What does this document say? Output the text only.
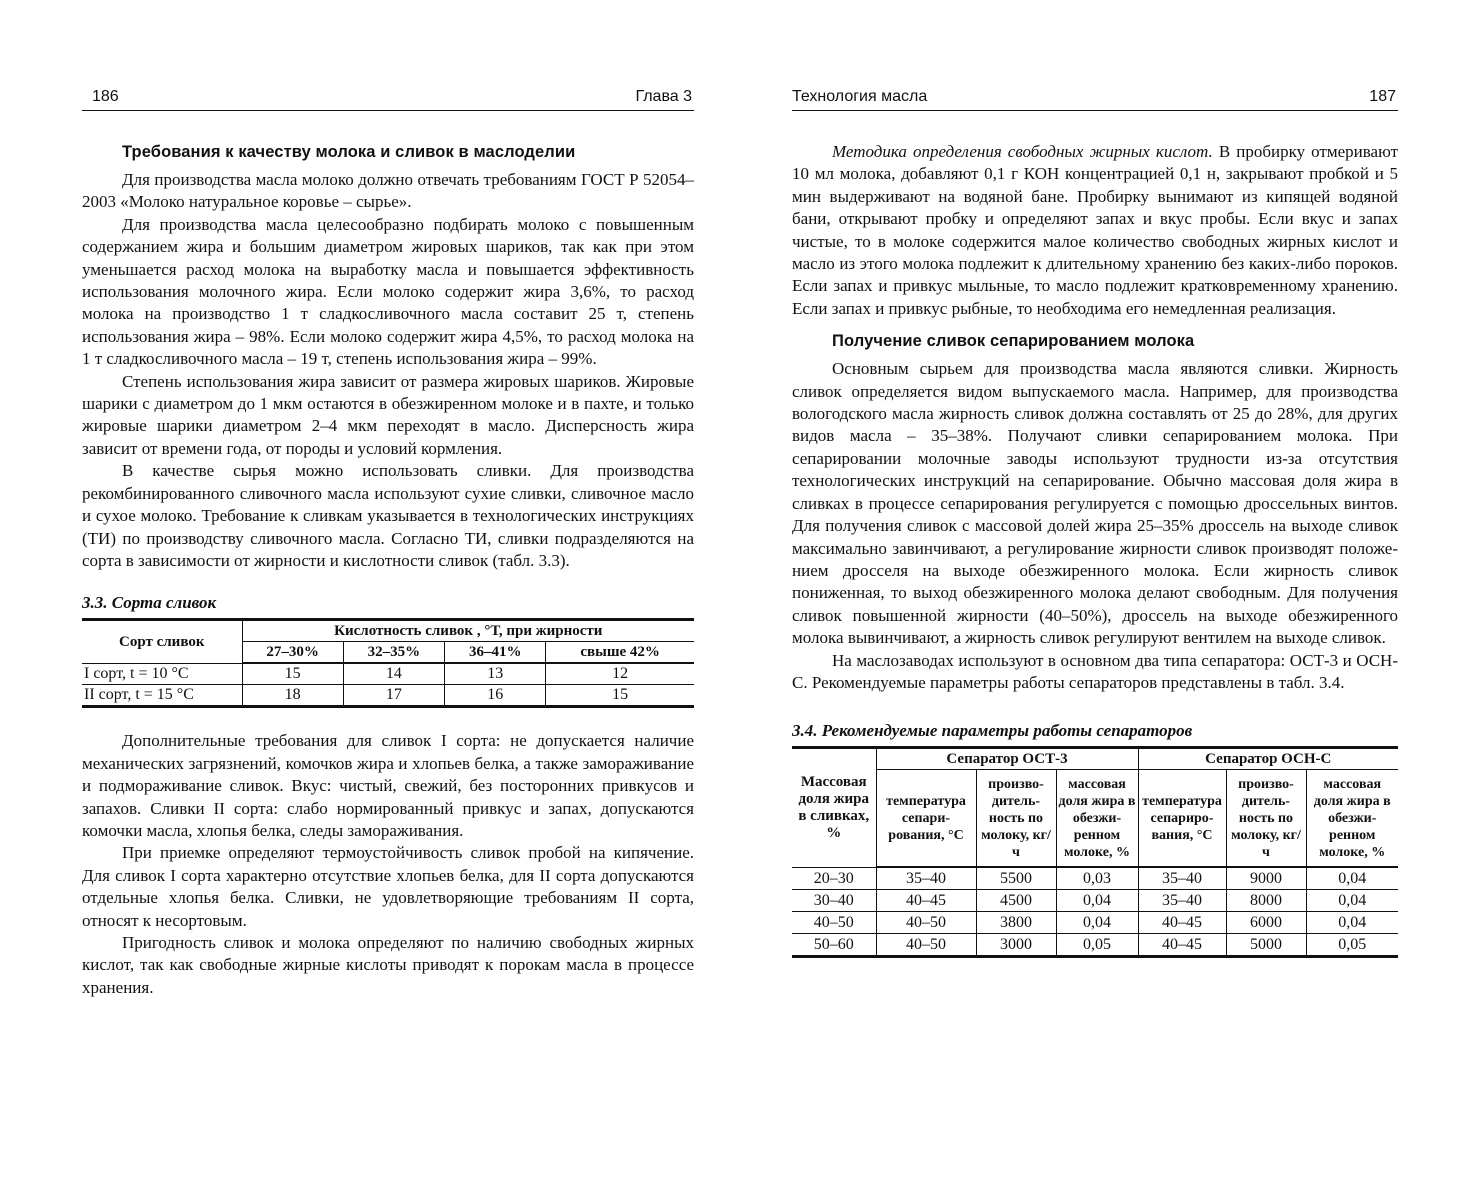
186	Глава 3
Требования к качеству молока и сливок в маслоделии

Для производства масла молоко должно отвечать требованиям ГОСТ Р 52054–2003 «Молоко натуральное коровье – сырье».

Для производства масла целесообразно подбирать молоко с повышенным содержанием жира и большим диаметром жировых шариков, так как при этом уменьшается расход молока на выработку масла и повышается эффективность использования молочного жира. Если молоко содержит жира 3,6%, то расход молока на производство 1 т сладкосливочного масла составит 25 т, степень использования жира – 98%. Если молоко содержит жира 4,5%, то расход молока на 1 т сладкосливочного масла – 19 т, степень использования жира – 99%.

Степень использования жира зависит от размера жировых шариков. Жировые шарики с диаметром до 1 мкм остаются в обезжиренном молоке и в пахте, и только жировые шарики диаметром 2–4 мкм переходят в масло. Дисперсность жира зависит от времени года, от породы и условий кормления.

В качестве сырья можно использовать сливки. Для производства рекомбинированного сливочного масла используют сухие сливки, сливочное масло и сухое молоко. Требование к сливкам указывается в технологических инструкциях (ТИ) по производству сливочного масла. Согласно ТИ, сливки подразделяются на сорта в зависимости от жирности и кислотности сливок (табл. 3.3).

3.3. Сорта сливок
Сорт сливок	Кислотность сливок , °Т, при жирности			
	27–30%	32–35%	36–41%	свыше 42%
I сорт, t = 10 °C	15	14	13	12
II сорт, t = 15 °C	18	17	16	15

Дополнительные требования для сливок I сорта: не допускается наличие механических загрязнений, комочков жира и хлопьев белка, а также замораживание и подмораживание сливок. Вкус: чистый, свежий, без посторонних привкусов и запахов. Сливки II сорта: слабо нормированный привкус и запах, допускаются комочки масла, хлопья белка, следы замораживания.

При приемке определяют термоустойчивость сливок пробой на кипячение. Для сливок I сорта характерно отсутствие хлопьев белка, для II сорта допускаются отдельные хлопья белка. Сливки, не удовлетворяющие требованиям II сорта, относят к несортовым.

Пригодность сливок и молока определяют по наличию свободных жирных кислот, так как свободные жирные кислоты приводят к порокам масла в процессе хранения.

Технология масла	187

Методика определения свободных жирных кислот. В пробирку отмеривают 10 мл молока, добавляют 0,1 г КОН концентрацией 0,1 н, закрывают пробкой и 5 мин выдерживают на водяной бане. Пробирку вынимают из кипящей водяной бани, открывают пробку и определяют запах и вкус пробы. Если вкус и запах чистые, то в молоке содержится малое количество свободных жирных кислот и масло из этого молока подлежит к длительному хранению без каких-либо пороков. Если запах и привкус мыльные, то масло подлежит кратковременному хранению. Если запах и привкус рыбные, то необходима его немедленная реализация.

Получение сливок сепарированием молока

Основным сырьем для производства масла являются сливки. Жирность сливок определяется видом выпускаемого масла. Например, для производства вологодского масла жирность сливок должна составлять от 25 до 28%, для других видов масла – 35–38%. Получают сливки сепарированием молока. При сепарировании молочные заводы используют трудности из-за отсутствия технологических инструкций на сепарирование. Обычно массовая доля жира в сливках в процессе сепарирования регулируется с помощью дроссельных винтов. Для получения сливок с массовой долей жира 25–35% дроссель на выходе сливок максимально завинчивают, а регулирование жирности сливок производят положением дросселя на выходе обезжиренного молока. Если жирность сливок пониженная, то выход обезжиренного молока делают свободным. Для получения сливок повышенной жирности (40–50%), дроссель на выходе обезжиренного молока вывинчивают, а жирность сливок регулируют вентилем на выходе сливок.

На маслозаводах используют в основном два типа сепаратора: ОСТ-3 и ОСН-С. Рекомендуемые параметры работы сепараторов представлены в табл. 3.4.

3.4. Рекомендуемые параметры работы сепараторов
Массовая доля жира в сливках, %	Сепаратор ОСТ-3			Сепаратор ОСН-С		
	температура сепарирования, °С	производительность по молоку, кг/ч	массовая доля жира в обезжиренном молоке, %	температура сепарирования, °С	производительность по молоку, кг/ч	массовая доля жира в обезжиренном молоке, %
20–30	35–40	5500	0,03	35–40	9000	0,04
30–40	40–45	4500	0,04	35–40	8000	0,04
40–50	40–50	3800	0,04	40–45	6000	0,04
50–60	40–50	3000	0,05	40–45	5000	0,05
